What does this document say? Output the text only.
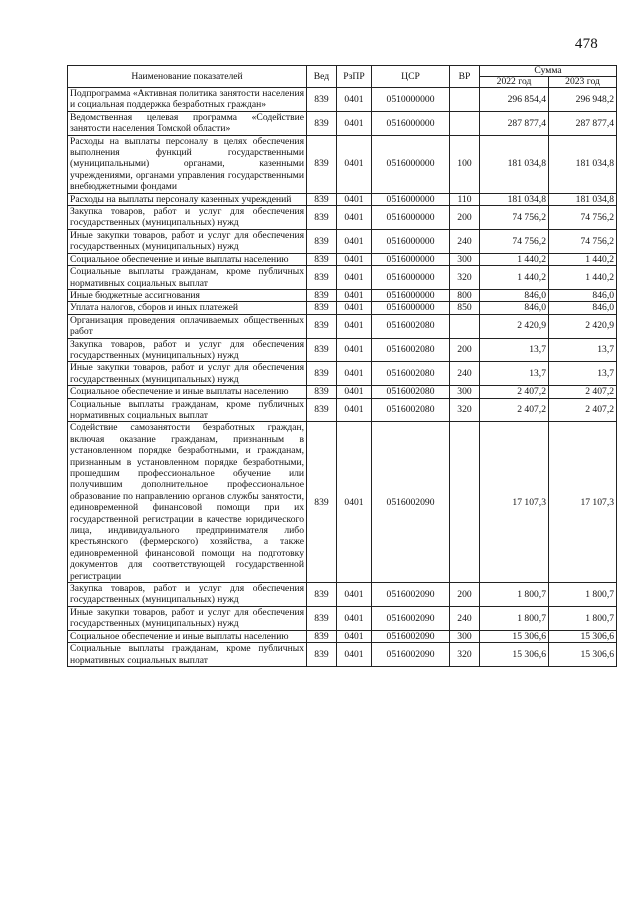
478
Наименование показателей	Вед	РзПР	ЦСР	ВР	Сумма	
					2022 год	2023 год
Подпрограмма «Активная политика занятости населения и социальная поддержка безработных граждан»	839	0401	0510000000		296 854,4	296 948,2
Ведомственная целевая программа «Содействие занятости населения Томской области»	839	0401	0516000000		287 877,4	287 877,4
Расходы на выплаты персоналу в целях обеспечения выполнения функций государственными (муниципальными) органами, казенными учреждениями, органами управления государственными внебюджетными фондами	839	0401	0516000000	100	181 034,8	181 034,8
Расходы на выплаты персоналу казенных учреждений	839	0401	0516000000	110	181 034,8	181 034,8
Закупка товаров, работ и услуг для обеспечения государственных (муниципальных) нужд	839	0401	0516000000	200	74 756,2	74 756,2
Иные закупки товаров, работ и услуг для обеспечения государственных (муниципальных) нужд	839	0401	0516000000	240	74 756,2	74 756,2
Социальное обеспечение и иные выплаты населению	839	0401	0516000000	300	1 440,2	1 440,2
Социальные выплаты гражданам, кроме публичных нормативных социальных выплат	839	0401	0516000000	320	1 440,2	1 440,2
Иные бюджетные ассигнования	839	0401	0516000000	800	846,0	846,0
Уплата налогов, сборов и иных платежей	839	0401	0516000000	850	846,0	846,0
Организация проведения оплачиваемых общественных работ	839	0401	0516002080		2 420,9	2 420,9
Закупка товаров, работ и услуг для обеспечения государственных (муниципальных) нужд	839	0401	0516002080	200	13,7	13,7
Иные закупки товаров, работ и услуг для обеспечения государственных (муниципальных) нужд	839	0401	0516002080	240	13,7	13,7
Социальное обеспечение и иные выплаты населению	839	0401	0516002080	300	2 407,2	2 407,2
Социальные выплаты гражданам, кроме публичных нормативных социальных выплат	839	0401	0516002080	320	2 407,2	2 407,2
Содействие самозанятости безработных граждан, включая оказание гражданам, признанным в установленном порядке безработными, и гражданам, признанным в установленном порядке безработными, прошедшим профессиональное обучение или получившим дополнительное профессиональное образование по направлению органов службы занятости, единовременной финансовой помощи при их государственной регистрации в качестве юридического лица, индивидуального предпринимателя либо крестьянского (фермерского) хозяйства, а также единовременной финансовой помощи на подготовку документов для соответствующей государственной регистрации	839	0401	0516002090		17 107,3	17 107,3
Закупка товаров, работ и услуг для обеспечения государственных (муниципальных) нужд	839	0401	0516002090	200	1 800,7	1 800,7
Иные закупки товаров, работ и услуг для обеспечения государственных (муниципальных) нужд	839	0401	0516002090	240	1 800,7	1 800,7
Социальное обеспечение и иные выплаты населению	839	0401	0516002090	300	15 306,6	15 306,6
Социальные выплаты гражданам, кроме публичных нормативных социальных выплат	839	0401	0516002090	320	15 306,6	15 306,6
